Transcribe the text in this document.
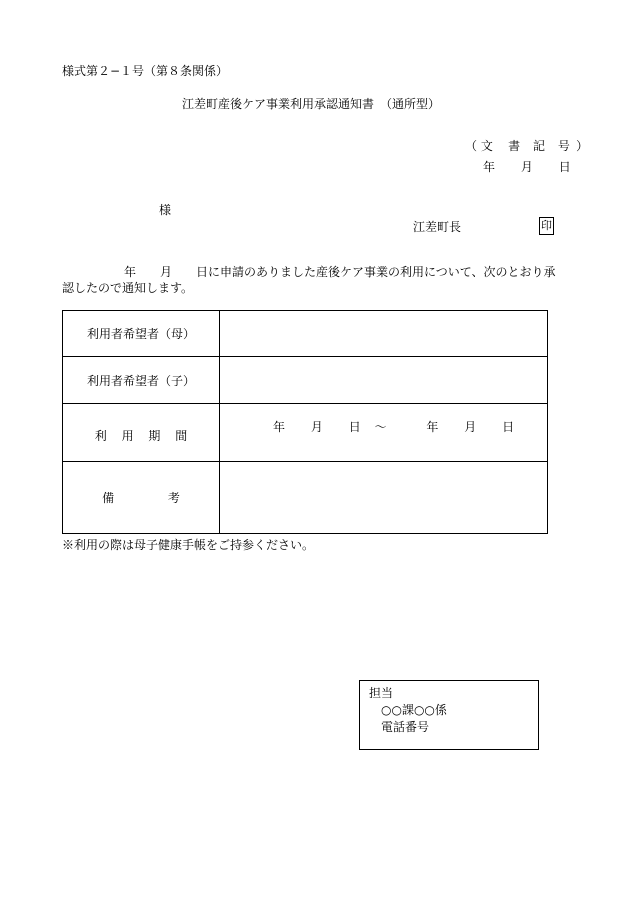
様式第２−１号（第８条関係）
江差町産後ケア事業利用承認通知書　（通所型）
（ 文 書 記 号 ）
年 月 日
様
江差町長	印
年 月 日に申請のありました産後ケア事業の利用について、次のとおり承認したので通知します。
利用者希望者（母）	
利用者希望者（子）	
利 用 期 間	年 月 日 ～ 年 月 日
備 考	
※利用の際は母子健康手帳をご持参ください。
担当
○○課○○係
電話番号
